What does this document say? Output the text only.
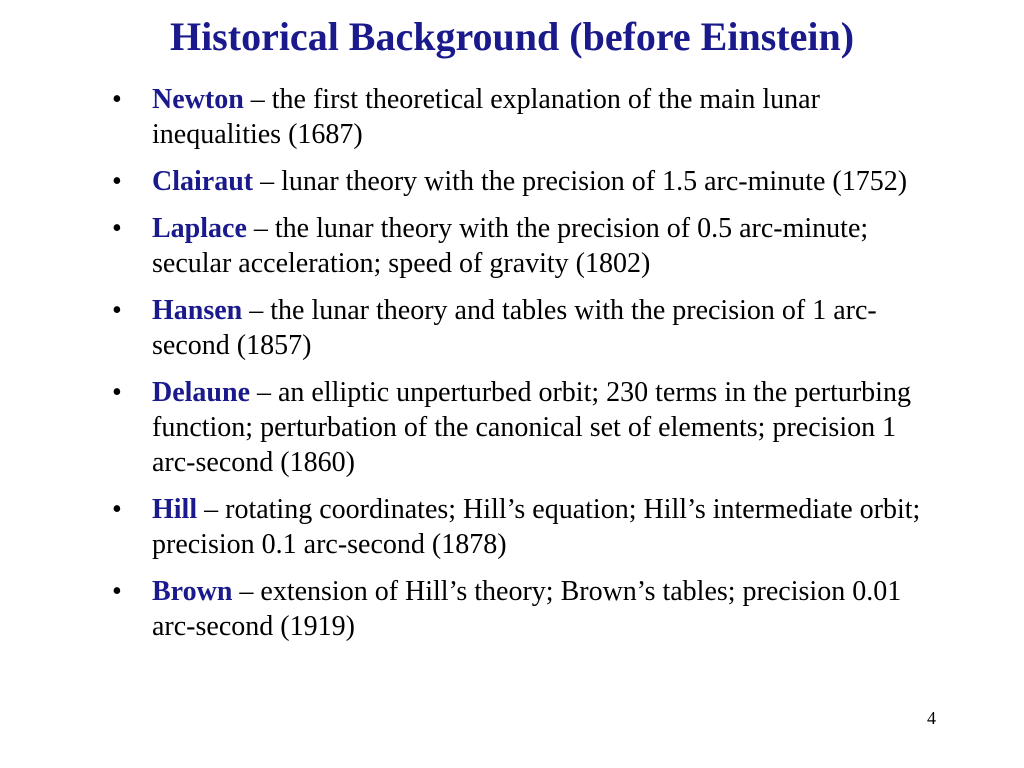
Historical Background (before Einstein)
• Newton – the first theoretical explanation of the main lunar inequalities (1687)
• Clairaut – lunar theory with the precision of 1.5 arc-minute (1752)
• Laplace – the lunar theory with the precision of 0.5 arc-minute; secular acceleration; speed of gravity (1802)
• Hansen – the lunar theory and tables with the precision of 1 arc-second (1857)
• Delaune – an elliptic unperturbed orbit; 230 terms in the perturbing function; perturbation of the canonical set of elements; precision 1 arc-second (1860)
• Hill – rotating coordinates; Hill’s equation; Hill’s intermediate orbit; precision 0.1 arc-second (1878)
• Brown – extension of Hill’s theory; Brown’s tables; precision 0.01 arc-second (1919)
4
